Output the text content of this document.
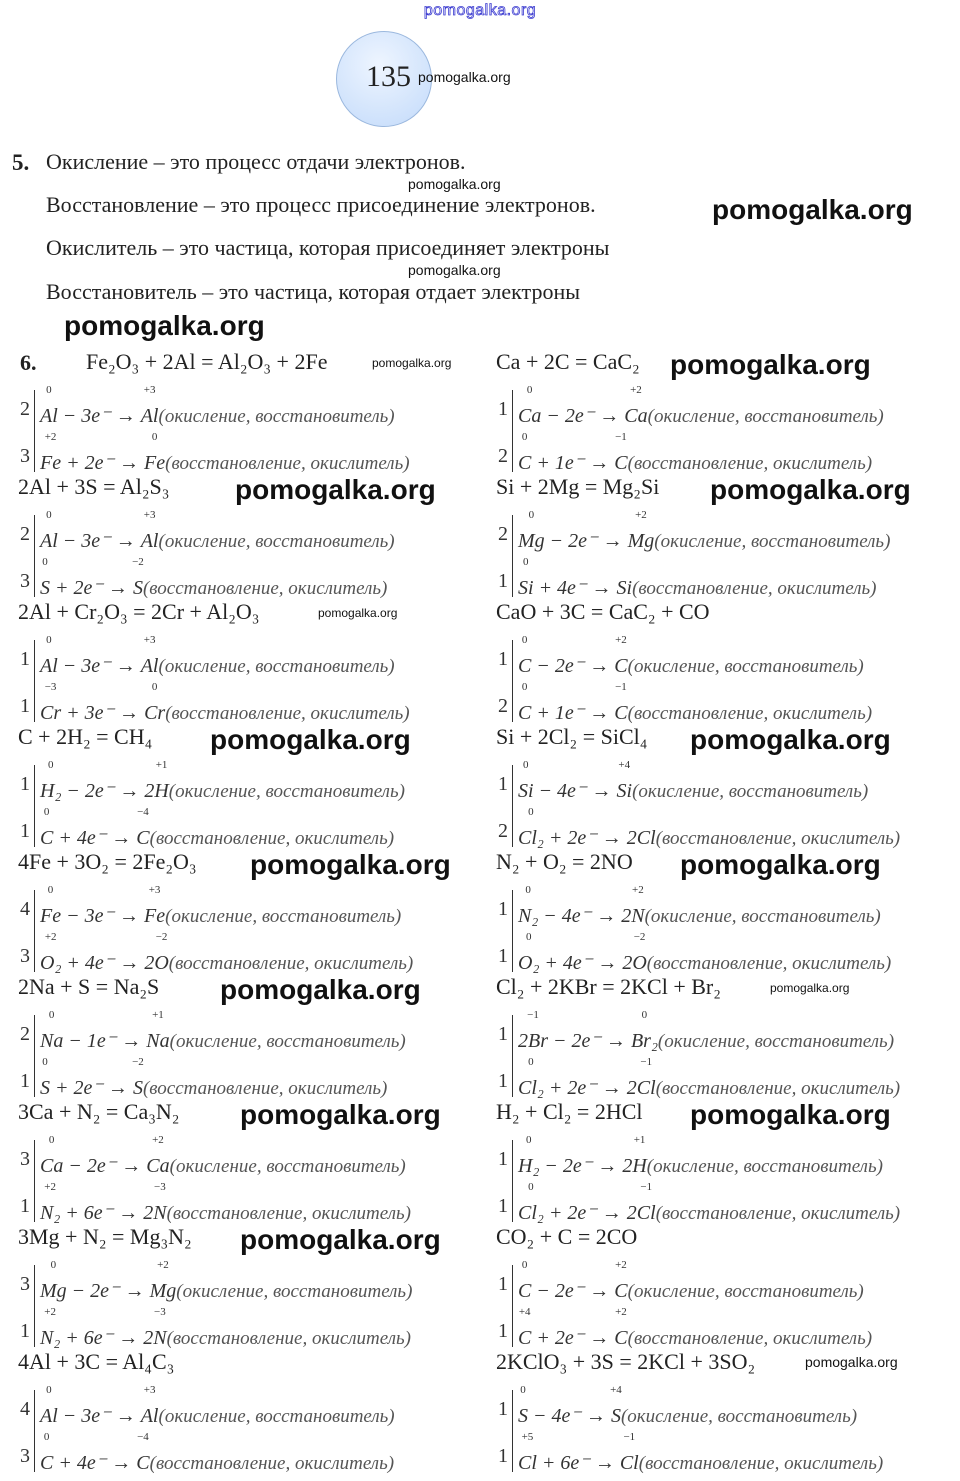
pomogalka.org
135
5. Окисление – это процесс отдачи электронов.
Восстановление – это процесс присоединение электронов.
Окислитель – это частица, которая присоединяет электроны
Восстановитель – это частица, которая отдает электроны
6. Fe₂O₃ + 2Al = Al₂O₃ + 2Fe
2 Al
0
− 3e⁻ → Al
+3
(окисление, восстановитель)
3 Fe
+2
+ 2e⁻ → Fe
0
(восстановление, окислитель)
2Al + 3S = Al₂S₃
2 Al
0
− 3e⁻ → Al
+3
(окисление, восстановитель)
3 S
0
+ 2e⁻ → S
−2
(восстановление, окислитель)
2Al + Cr₂O₃ = 2Cr + Al₂O₃
1 Al
0
− 3e⁻ → Al
+3
(окисление, восстановитель)
1 Cr
−3
+ 3e⁻ → Cr
0
(восстановление, окислитель)
C + 2H₂ = CH₄
1 H₂
0
− 2e⁻ → 2H
+1
(окисление, восстановитель)
1 C
0
+ 4e⁻ → C
−4
(восстановление, окислитель)
4Fe + 3O₂ = 2Fe₂O₃
4 Fe
0
− 3e⁻ → Fe
+3
(окисление, восстановитель)
3 O₂
+2
+ 4e⁻ → 2O
−2
(восстановление, окислитель)
2Na + S = Na₂S
2 Na
0
− 1e⁻ → Na
+1
(окисление, восстановитель)
1 S
0
+ 2e⁻ → S
−2
(восстановление, окислитель)
3Ca + N₂ = Ca₃N₂
3 Ca
0
− 2e⁻ → Ca
+2
(окисление, восстановитель)
1 N₂
+2
+ 6e⁻ → 2N
−3
(восстановление, окислитель)
3Mg + N₂ = Mg₃N₂
3 Mg
0
− 2e⁻ → Mg
+2
(окисление, восстановитель)
1 N₂
+2
+ 6e⁻ → 2N
−3
(восстановление, окислитель)
4Al + 3C = Al₄C₃
4 Al
0
− 3e⁻ → Al
+3
(окисление, восстановитель)
3 C
0
+ 4e⁻ → C
−4
(восстановление, окислитель)
Ca + 2C = CaC₂
1 Ca
0
− 2e⁻ → Ca
+2
(окисление, восстановитель)
2 C
0
+ 1e⁻ → C
−1
(восстановление, окислитель)
Si + 2Mg = Mg₂Si
2 Mg
0
− 2e⁻ → Mg
+2
(окисление, восстановитель)
1 Si
0
+ 4e⁻ → Si
(восстановление, окислитель)
CaO + 3C = CaC₂ + CO
1 C
0
− 2e⁻ → C
+2
(окисление, восстановитель)
2 C
0
+ 1e⁻ → C
−1
(восстановление, окислитель)
Si + 2Cl₂ = SiCl₄
1 Si
0
− 4e⁻ → Si
+4
(окисление, восстановитель)
2 Cl₂
0
+ 2e⁻ → 2Cl
(восстановление, окислитель)
N₂ + O₂ = 2NO
1 N₂
0
− 4e⁻ → 2N
+2
(окисление, восстановитель)
1 O₂
0
+ 4e⁻ → 2O
−2
(восстановление, окислитель)
Cl₂ + 2KBr = 2KCl + Br₂
1 2Br
−1
− 2e⁻ → Br₂
0
(окисление, восстановитель)
1 Cl₂
0
+ 2e⁻ → 2Cl
−1
(восстановление, окислитель)
H₂ + Cl₂ = 2HCl
1 H₂
0
− 2e⁻ → 2H
+1
(окисление, восстановитель)
1 Cl₂
0
+ 2e⁻ → 2Cl
−1
(восстановление, окислитель)
CO₂ + C = 2CO
1 C
0
− 2e⁻ → C
+2
(окисление, восстановитель)
1 C
+4
+ 2e⁻ → C
+2
(восстановление, окислитель)
2KClO₃ + 3S = 2KCl + 3SO₂
1 S
0
− 4e⁻ → S
+4
(окисление, восстановитель)
1 Cl
+5
+ 6e⁻ → Cl
−1
(восстановление, окислитель)
pomogalka.org
pomogalka.org
pomogalka.org
pomogalka.org
pomogalka.org
pomogalka.org
pomogalka.org	pomogalka.org
pomogalka.org
pomogalka.org
pomogalka.org
pomogalka.org
pomogalka.org
pomogalka.org
pomogalka.org
pomogalka.org
pomogalka.org	pomogalka.org
pomogalka.org
pomogalka.org
